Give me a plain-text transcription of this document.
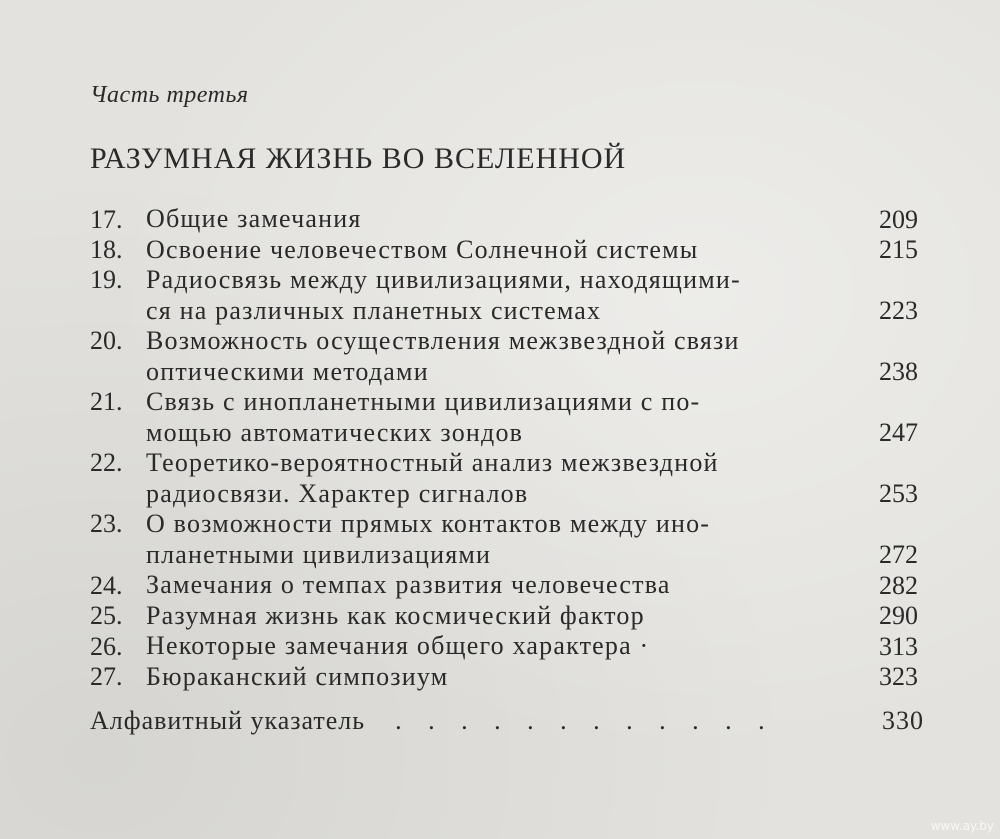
Часть третья
РАЗУМНАЯ ЖИЗНЬ ВО ВСЕЛЕННОЙ
17. Общие замечания	209
18. Освоение человечеством Солнечной системы	215
19. Радиосвязь между цивилизациями, находящими-
ся на различных планетных системах	223
20. Возможность осуществления межзвездной связи
оптическими методами	238
21. Связь с инопланетными цивилизациями с по-
мощью автоматических зондов	247
22. Теоретико-вероятностный анализ межзвездной
радиосвязи. Характер сигналов	253
23. О возможности прямых контактов между ино-
планетными цивилизациями	272
24. Замечания о темпах развития человечества	282
25. Разумная жизнь как космический фактор	290
26. Некоторые замечания общего характера ·	313
27. Бюраканский симпозиум	323
Алфавитный указатель	. . . . . . . . . . . .	330
www.ay.by
